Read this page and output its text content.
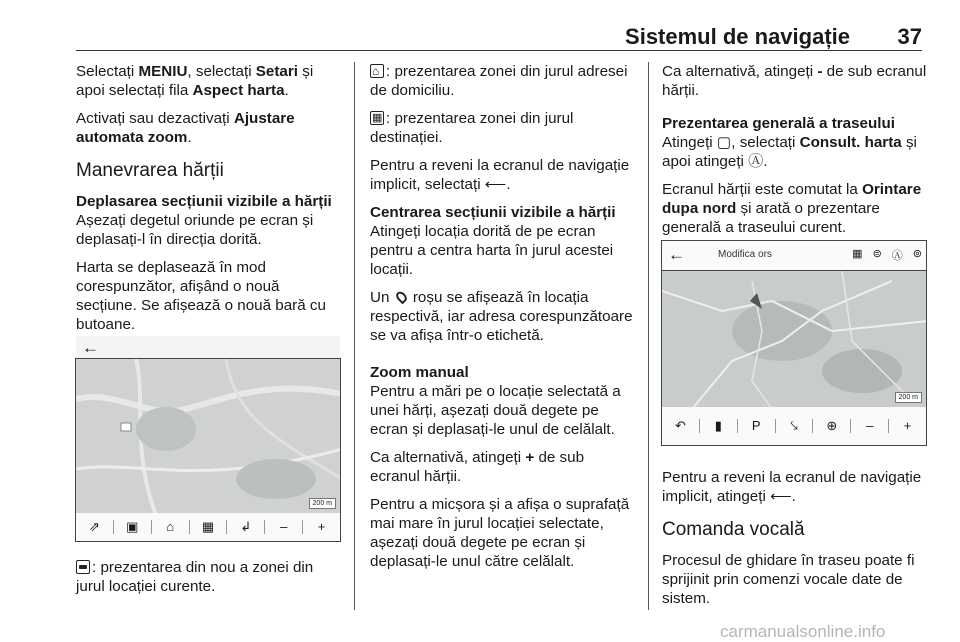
Sistemul de navigație 37

Selectați MENIU, selectați Setari și apoi selectați fila Aspect harta.

Activați sau dezactivați Ajustare automata zoom.

Manevrarea hărții
Deplasarea secțiunii vizibile a hărții

Așezați degetul oriunde pe ecran și deplasați-l în direcția dorită.

Harta se deplasează în mod corespunzător, afișând o nouă secțiune. Se afișează o nouă bară cu butoane.

←
200 m
⇗	▣	⌂	▦	↲	–	+

: prezentarea din nou a zonei din jurul locației curente.

⌂: prezentarea zonei din jurul adresei de domiciliu.

▦: prezentarea zonei din jurul destinației.

Pentru a reveni la ecranul de navigație implicit, selectați ⟵.

Centrarea secțiunii vizibile a hărții

Atingeți locația dorită de pe ecran pentru a centra harta în jurul acestei locații.

Un  roșu se afișează în locația respectivă, iar adresa corespunzătoare se va afișa într-o etichetă.

Zoom manual

Pentru a mări pe o locație selectată a unei hărți, așezați două degete pe ecran și deplasați-le unul de celălalt.

Ca alternativă, atingeți + de sub ecranul hărții.

Pentru a micșora și a afișa o suprafață mai mare în jurul locației selectate, așezați două degete pe ecran și deplasați-le unul către celălalt.

Ca alternativă, atingeți - de sub ecranul hărții.

Prezentarea generală a traseului

Atingeți ▢, selectați Consult. harta și apoi atingeți Ⓐ.

Ecranul hărții este comutat la Orintare dupa nord și arată o prezentare generală a traseului curent.

←	Modifica ors	▦ ⊜ Ⓐ ⊚
200 m
↶	▮	P	⤥	⊕	–	+

Pentru a reveni la ecranul de navigație implicit, atingeți ⟵.

Comanda vocală

Procesul de ghidare în traseu poate fi sprijinit prin comenzi vocale date de sistem.

carmanualsonline.info
